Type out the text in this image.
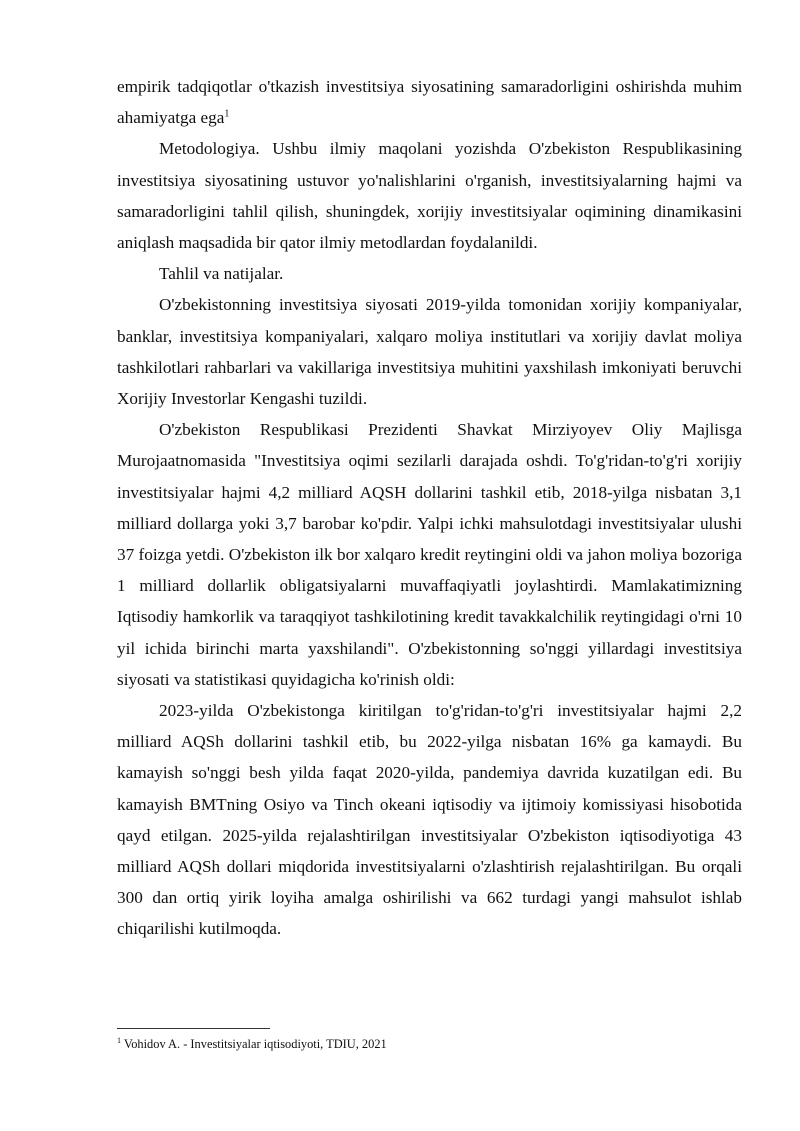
empirik tadqiqotlar o'tkazish investitsiya siyosatining samaradorligini oshirishda muhim ahamiyatga ega$^1$

Metodologiya. Ushbu ilmiy maqolani yozishda O'zbekiston Respublikasining investitsiya siyosatining ustuvor yo'nalishlarini o'rganish, investitsiyalarning hajmi va samaradorligini tahlil qilish, shuningdek, xorijiy investitsiyalar oqimining dinamikasini aniqlash maqsadida bir qator ilmiy metodlardan foydalanildi.

Tahlil va natijalar.

O'zbekistonning investitsiya siyosati 2019-yilda tomonidan xorijiy kompaniyalar, banklar, investitsiya kompaniyalari, xalqaro moliya institutlari va xorijiy davlat moliya tashkilotlari rahbarlari va vakillariga investitsiya muhitini yaxshilash imkoniyati beruvchi Xorijiy Investorlar Kengashi tuzildi.

O'zbekiston Respublikasi Prezidenti Shavkat Mirziyoyev Oliy Majlisga Murojaatnomasida "Investitsiya oqimi sezilarli darajada oshdi. To'g'ridan-to'g'ri xorijiy investitsiyalar hajmi 4,2 milliard AQSH dollarini tashkil etib, 2018-yilga nisbatan 3,1 milliard dollarga yoki 3,7 barobar ko'pdir. Yalpi ichki mahsulotdagi investitsiyalar ulushi 37 foizga yetdi. O'zbekiston ilk bor xalqaro kredit reytingini oldi va jahon moliya bozoriga 1 milliard dollarlik obligatsiyalarni muvaffaqiyatli joylashtirdi. Mamlakatimizning Iqtisodiy hamkorlik va taraqqiyot tashkilotining kredit tavakkalchilik reytingidagi o'rni 10 yil ichida birinchi marta yaxshilandi". O'zbekistonning so'nggi yillardagi investitsiya siyosati va statistikasi quyidagicha ko'rinish oldi:

2023-yilda O'zbekistonga kiritilgan to'g'ridan-to'g'ri investitsiyalar hajmi 2,2 milliard AQSh dollarini tashkil etib, bu 2022-yilga nisbatan 16% ga kamaydi. Bu kamayish so'nggi besh yilda faqat 2020-yilda, pandemiya davrida kuzatilgan edi. Bu kamayish BMTning Osiyo va Tinch okeani iqtisodiy va ijtimoiy komissiyasi hisobotida qayd etilgan. 2025-yilda rejalashtirilgan investitsiyalar O'zbekiston iqtisodiyotiga 43 milliard AQSh dollari miqdorida investitsiyalarni o'zlashtirish rejalashtirilgan. Bu orqali 300 dan ortiq yirik loyiha amalga oshirilishi va 662 turdagi yangi mahsulot ishlab chiqarilishi kutilmoqda.

$^1$ Vohidov A. - Investitsiyalar iqtisodiyoti, TDIU, 2021
